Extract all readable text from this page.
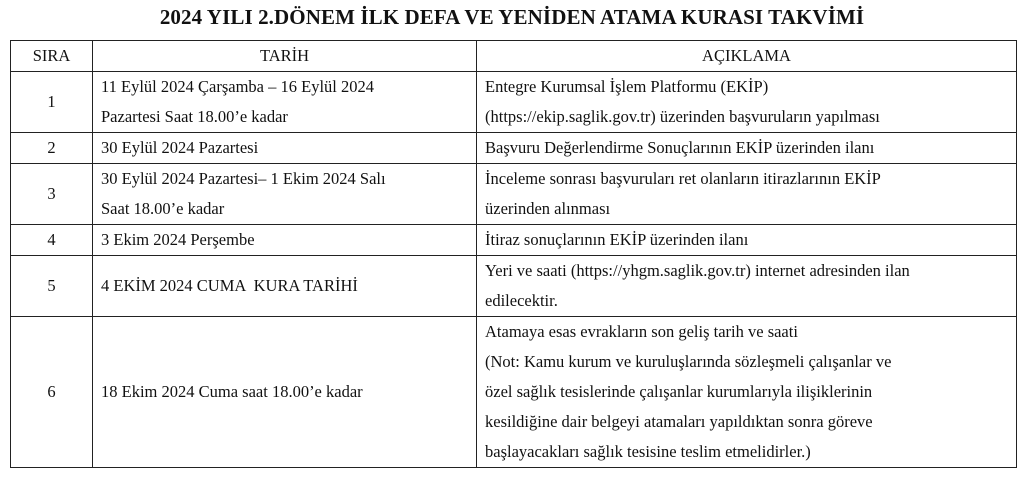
2024 YILI 2.DÖNEM İLK DEFA VE YENİDEN ATAMA KURASI TAKVİMİ
SIRA	TARİH	AÇIKLAMA
1	11 Eylül 2024 Çarşamba – 16 Eylül 2024
Pazartesi Saat 18.00’e kadar	Entegre Kurumsal İşlem Platformu (EKİP)
(https://ekip.saglik.gov.tr) üzerinden başvuruların yapılması

2	30 Eylül 2024 Pazartesi	Başvuru Değerlendirme Sonuçlarının EKİP üzerinden ilanı

3	30 Eylül 2024 Pazartesi– 1 Ekim 2024 Salı
Saat 18.00’e kadar	İnceleme sonrası başvuruları ret olanların itirazlarının EKİP
üzerinden alınması

4	3 Ekim 2024 Perşembe	İtiraz sonuçlarının EKİP üzerinden ilanı

5	4 EKİM 2024 CUMA  KURA TARİHİ	Yeri ve saati (https://yhgm.saglik.gov.tr) internet adresinden ilan
edilecektir.

6	18 Ekim 2024 Cuma saat 18.00’e kadar	Atamaya esas evrakların son geliş tarih ve saati
(Not: Kamu kurum ve kuruluşlarında sözleşmeli çalışanlar ve
özel sağlık tesislerinde çalışanlar kurumlarıyla ilişiklerinin
kesildiğine dair belgeyi atamaları yapıldıktan sonra göreve
başlayacakları sağlık tesisine teslim etmelidirler.)
